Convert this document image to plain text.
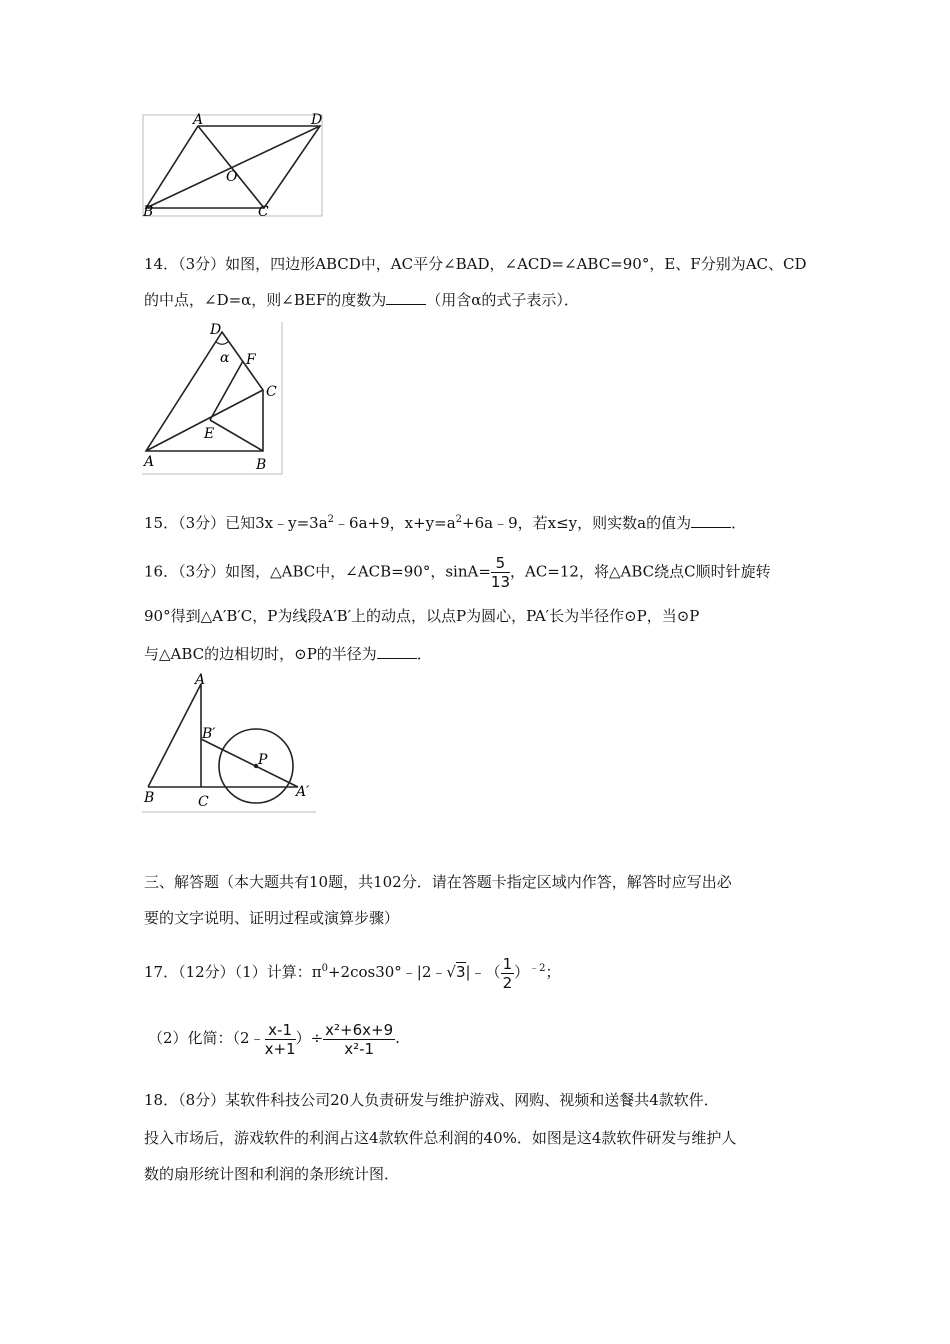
A	D
O
B	C
14．（3分）如图，四边形ABCD中，AC平分∠BAD，∠ACD=∠ABC=90°，E、F分别为AC、CD
的中点，∠D=α，则∠BEF的度数为	（用含α的式子表示）．
D
α F
C
E
A	B
15．（3分）已知$3x﹣y=3a^2﹣6a+9$，$x+y=a^2+6a﹣9$，若x≤y，则实数a的值为	．
16．（3分）如图，△ABC中，∠ACB=90°，$\sin A= \frac{5}{13}$ ，AC=12，将△ABC绕点C顺时针旋转
90°得到△A′B′C，P为线段A′B′上的动点，以点P为圆心，PA′长为半径作⊙P，当⊙P
与△ABC的边相切时，⊙P的半径为	．
A
B′
P
B	C
A′
三、解答题（本大题共有10题，共102分．请在答题卡指定区域内作答，解答时应写出必
要的文字说明、证明过程或演算步骤）
17．（12分）（1）计算：$\pi^0+2\cos 30^\circ﹣|2﹣√3|﹣( \frac{1}{2} )^{﹣2}$；
（2）化简：（2﹣ $\frac{x-1}{x+1}$ ）÷ $\frac{\text{x²+6x+9}}{\text{x²-1}}$ .
18．（8分）某软件科技公司20人负责研发与维护游戏、网购、视频和送餐共4款软件．
投入市场后，游戏软件的利润占这4款软件总利润的40%．如图是这4款软件研发与维护人
数的扇形统计图和利润的条形统计图．
